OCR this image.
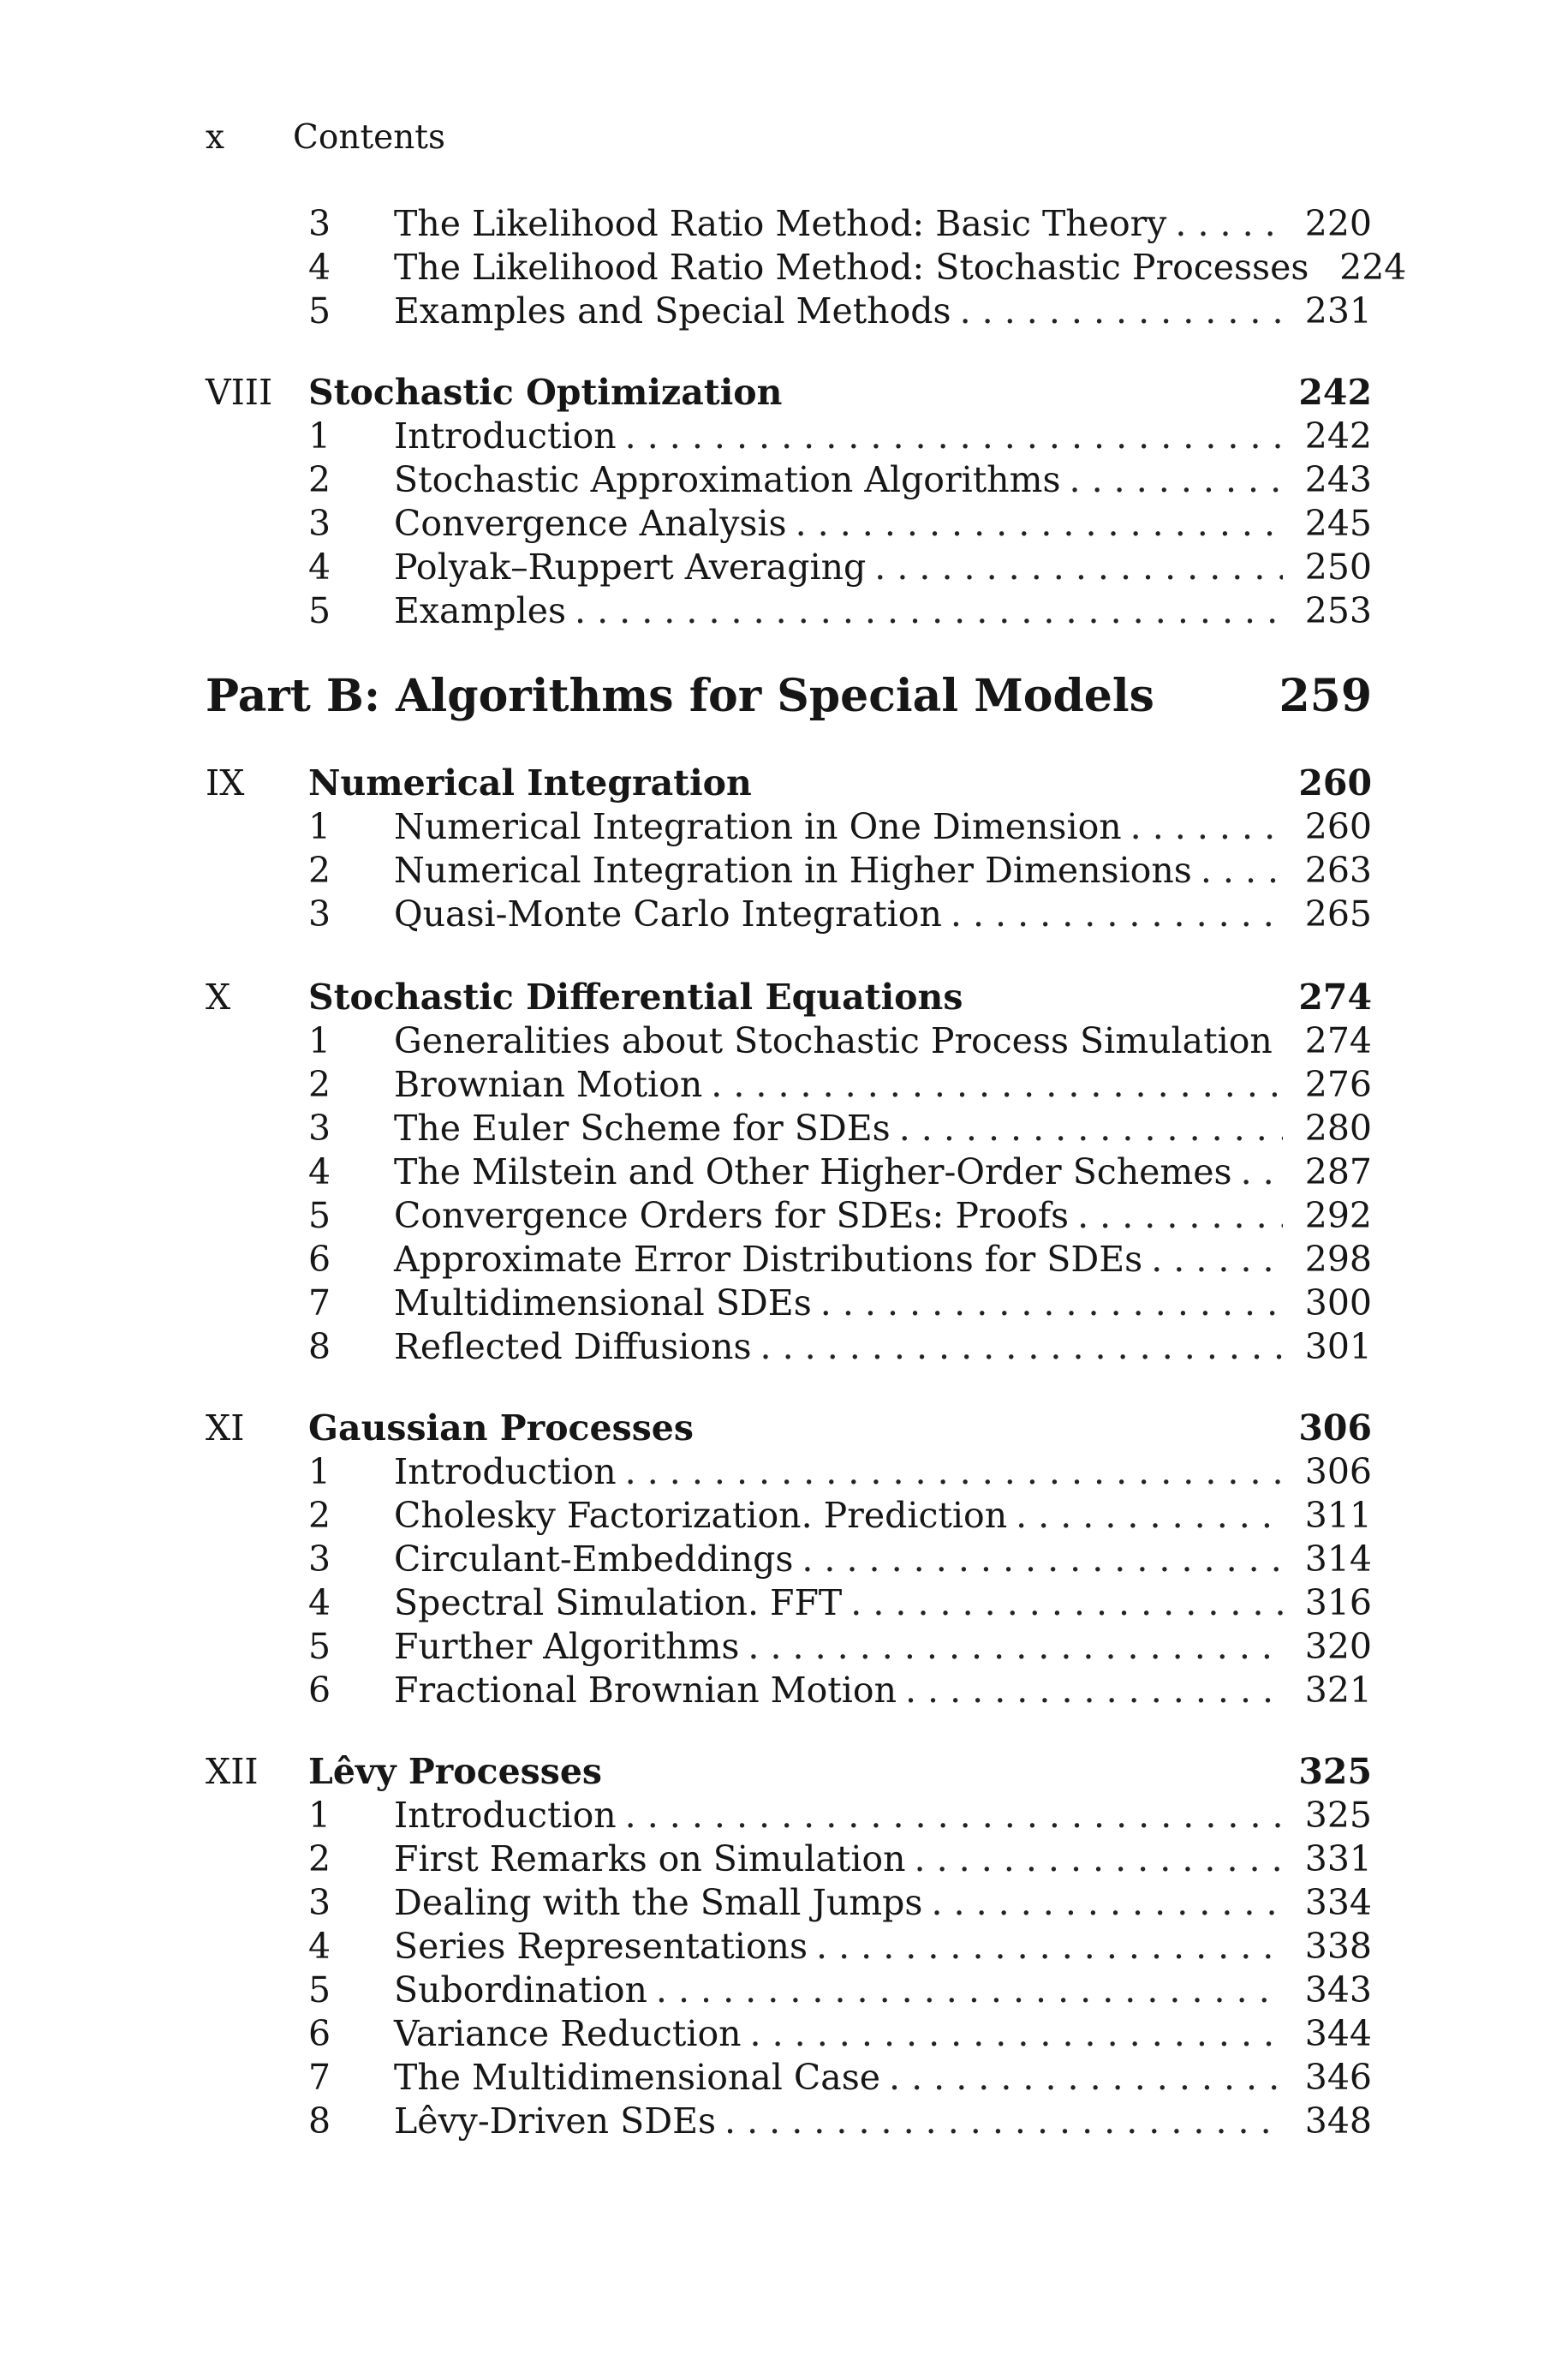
x	Contents
3	The Likelihood Ratio Method: Basic Theory . . .	220
4	The Likelihood Ratio Method: Stochastic Processes 224
5	Examples and Special Methods . . .	231
VIII	Stochastic Optimization	242
1	Introduction . . .	242
2	Stochastic Approximation Algorithms . . .	243
3	Convergence Analysis . . .	245
4	Polyak–Ruppert Averaging . . .	250
5	Examples . . .	253
Part B: Algorithms for Special Models	259
IX	Numerical Integration	260
1	Numerical Integration in One Dimension . . .	260
2	Numerical Integration in Higher Dimensions . . .	263
3	Quasi-Monte Carlo Integration . . .	265
X	Stochastic Differential Equations	274
1	Generalities about Stochastic Process Simulation . . . 274
2	Brownian Motion . . .	276
3	The Euler Scheme for SDEs . . .	280
4	The Milstein and Other Higher-Order Schemes . . . 287
5	Convergence Orders for SDEs: Proofs . . .	292
6	Approximate Error Distributions for SDEs . . .	298
7	Multidimensional SDEs . . .	300
8	Reflected Diffusions . . .	301
XI	Gaussian Processes	306
1	Introduction . . .	306
2	Cholesky Factorization. Prediction . . .	311
3	Circulant-Embeddings . . .	314
4	Spectral Simulation. FFT . . .	316
5	Further Algorithms . . .	320
6	Fractional Brownian Motion . . .	321
XII	Lêvy Processes	325
1	Introduction . . .	325
2	First Remarks on Simulation . . .	331
3	Dealing with the Small Jumps . . .	334
4	Series Representations . . .	338
5	Subordination . . .	343
6	Variance Reduction . . .	344
7	The Multidimensional Case . . .	346
8	Lêvy-Driven SDEs . . .	348
